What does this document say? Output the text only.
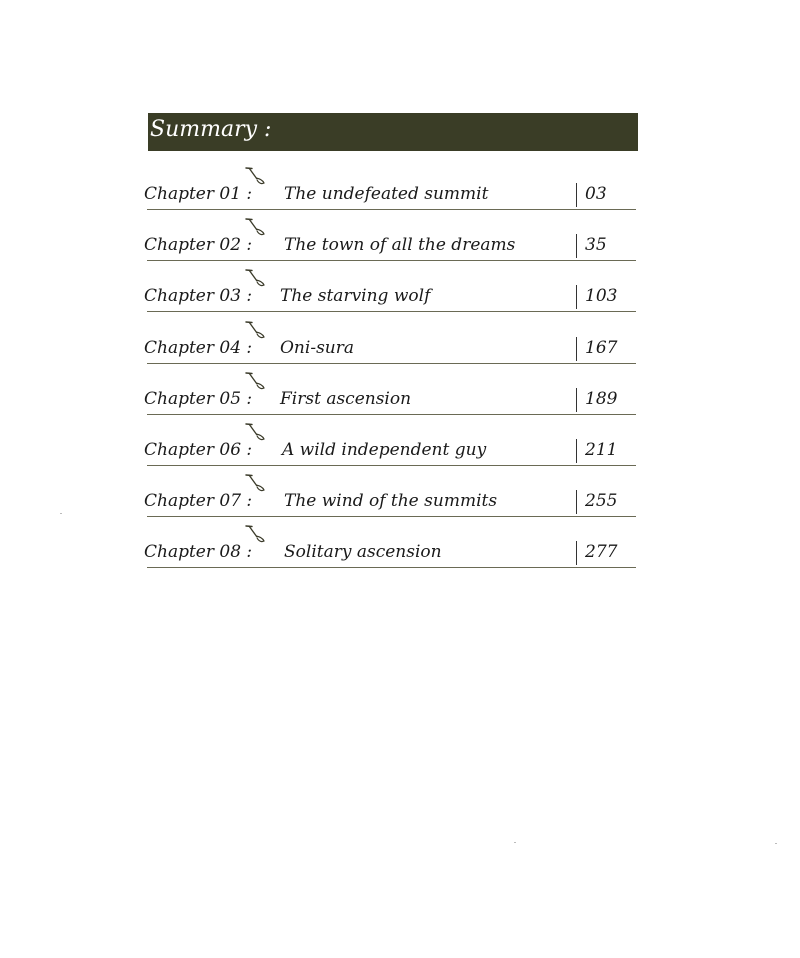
Summary :
Chapter 01 : The undefeated summit	03
Chapter 02 : The town of all the dreams	35
Chapter 03 : The starving wolf	103
Chapter 04 : Oni-sura	167
Chapter 05 : First ascension	189
Chapter 06 : A wild independent guy	211
Chapter 07 : The wind of the summits	255
Chapter 08 : Solitary ascension	277
